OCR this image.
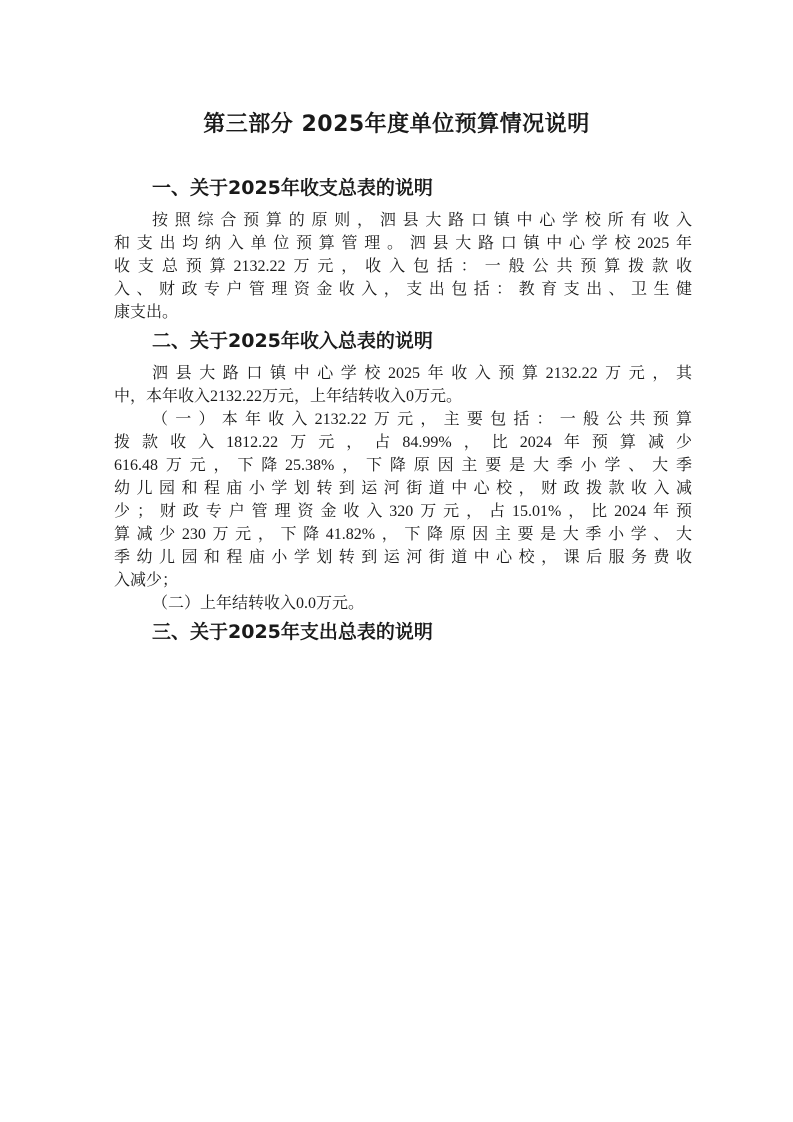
第三部分 2025年度单位预算情况说明
一、关于2025年收支总表的说明
按照综合预算的原则，泗县大路口镇中心学校所有收入
和支出均纳入单位预算管理。泗县大路口镇中心学校2025年
收支总预算2132.22万元，收入包括：一般公共预算拨款收
入、财政专户管理资金收入，支出包括：教育支出、卫生健
康支出。
二、关于2025年收入总表的说明
泗县大路口镇中心学校2025年收入预算2132.22万元，其
中，本年收入2132.22万元，上年结转收入0万元。
（一）本年收入2132.22万元，主要包括：一般公共预算
拨款收入1812.22万元，占84.99%，比2024年预算减少
616.48万元，下降25.38%，下降原因主要是大季小学、大季
幼儿园和程庙小学划转到运河街道中心校，财政拨款收入减
少；财政专户管理资金收入320万元，占15.01%，比2024年预
算减少230万元，下降41.82%，下降原因主要是大季小学、大
季幼儿园和程庙小学划转到运河街道中心校，课后服务费收
入减少；
（二）上年结转收入0.0万元。
三、关于2025年支出总表的说明
